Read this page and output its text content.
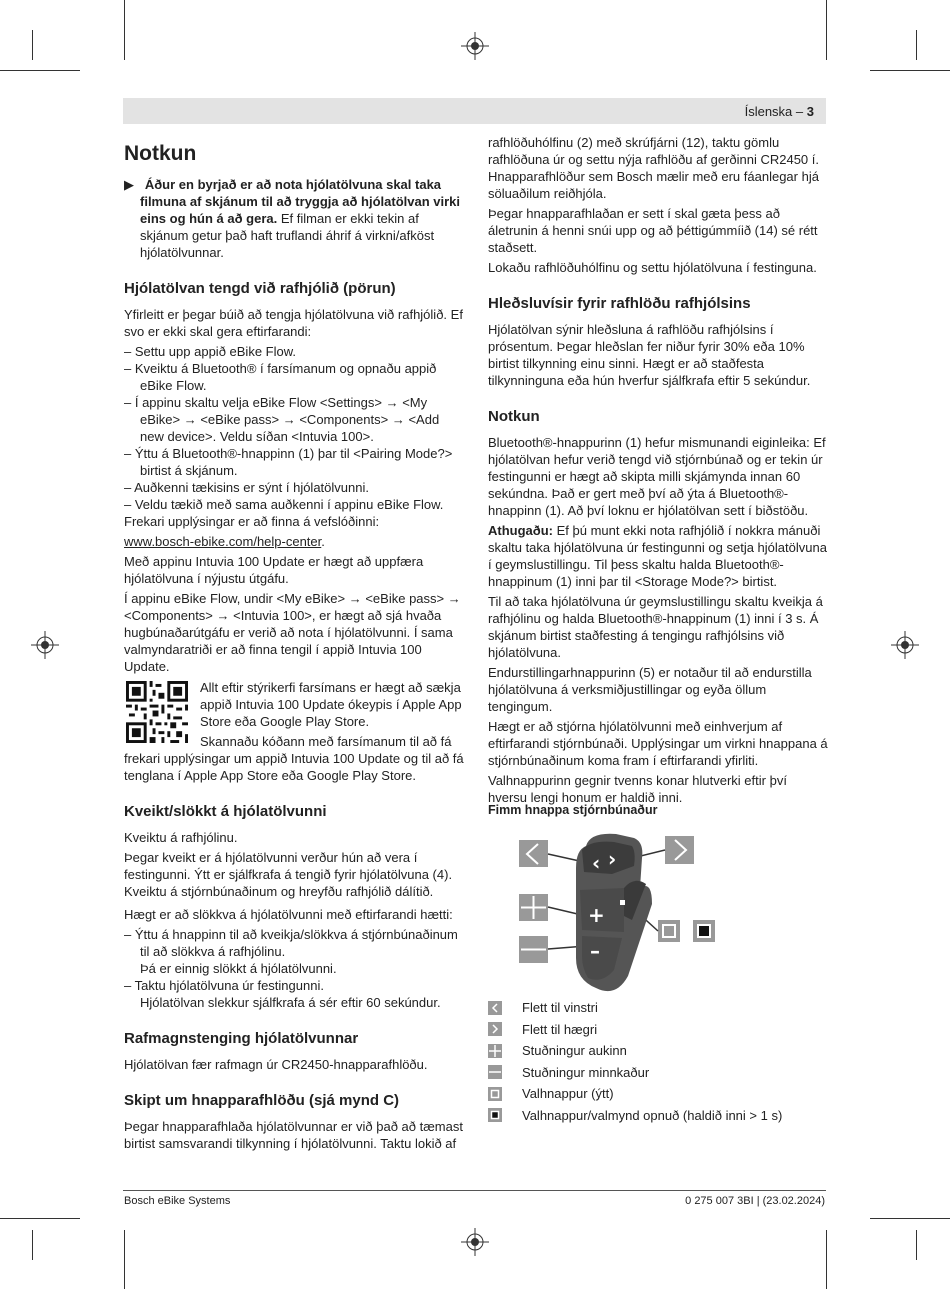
Íslenska – 3
Notkun

▶   Áður en byrjað er að nota hjólatölvuna skal taka filmuna af skjánum til að tryggja að hjólatölvan virki eins og hún á að gera. Ef filman er ekki tekin af skjánum getur það haft truflandi áhrif á virkni/afköst hjólatölvunnar.

Hjólatölvan tengd við rafhjólið (pörun)

Yfirleitt er þegar búið að tengja hjólatölvuna við rafhjólið. Ef svo er ekki skal gera eftirfarandi:

– Settu upp appið eBike Flow.

– Kveiktu á Bluetooth® í farsímanum og opnaðu appið eBike Flow.

– Í appinu skaltu velja eBike Flow <Settings> → <My eBike> → <eBike pass> → <Components> → <Add new device>. Veldu síðan <Intuvia 100>.

– Ýttu á Bluetooth®-hnappinn (1) þar til <Pairing Mode?> birtist á skjánum.

– Auðkenni tækisins er sýnt í hjólatölvunni.

– Veldu tækið með sama auðkenni í appinu eBike Flow.

Frekari upplýsingar er að finna á vefslóðinni:

www.bosch-ebike.com/help-center.

Með appinu Intuvia 100 Update er hægt að uppfæra hjólatölvuna í nýjustu útgáfu.

Í appinu eBike Flow, undir <My eBike> → <eBike pass> → <Components> → <Intuvia 100>, er hægt að sjá hvaða hugbúnaðarútgáfu er verið að nota í hjólatölvunni. Í sama valmyndaratriði er að finna tengil í appið Intuvia 100 Update.

Allt eftir stýrikerfi farsímans er hægt að sækja appið Intuvia 100 Update ókeypis í Apple App Store eða Google Play Store.

Skannaðu kóðann með farsímanum til að fá frekari upplýsingar um appið Intuvia 100 Update og til að fá tenglana í Apple App Store eða Google Play Store.

Kveikt/slökkt á hjólatölvunni

Kveiktu á rafhjólinu.

Þegar kveikt er á hjólatölvunni verður hún að vera í festingunni. Ýtt er sjálfkrafa á tengið fyrir hjólatölvuna (4). Kveiktu á stjórnbúnaðinum og hreyfðu rafhjólið dálítið.

Hægt er að slökkva á hjólatölvunni með eftirfarandi hætti:

– Ýttu á hnappinn til að kveikja/slökkva á stjórnbúnaðinum til að slökkva á rafhjólinu.

Þá er einnig slökkt á hjólatölvunni.

– Taktu hjólatölvuna úr festingunni.

Hjólatölvan slekkur sjálfkrafa á sér eftir 60 sekúndur.

Rafmagnstenging hjólatölvunnar

Hjólatölvan fær rafmagn úr CR2450-hnapparafhlöðu.

Skipt um hnapparafhlöðu (sjá mynd C)

Þegar hnapparafhlaða hjólatölvunnar er við það að tæmast birtist samsvarandi tilkynning í hjólatölvunni. Taktu lokið af

rafhlöðuhólfinu (2) með skrúfjárni (12), taktu gömlu rafhlöðuna úr og settu nýja rafhlöðu af gerðinni CR2450 í. Hnapparafhlöður sem Bosch mælir með eru fáanlegar hjá söluaðilum reiðhjóla.

Þegar hnapparafhlaðan er sett í skal gæta þess að áletrunin á henni snúi upp og að þéttigúmmíið (14) sé rétt staðsett.

Lokaðu rafhlöðuhólfinu og settu hjólatölvuna í festinguna.

Hleðsluvísir fyrir rafhlöðu rafhjólsins

Hjólatölvan sýnir hleðsluna á rafhlöðu rafhjólsins í prósentum. Þegar hleðslan fer niður fyrir 30% eða 10% birtist tilkynning einu sinni. Hægt er að staðfesta tilkynninguna eða hún hverfur sjálfkrafa eftir 5 sekúndur.

Notkun

Bluetooth®-hnappurinn (1) hefur mismunandi eiginleika: Ef hjólatölvan hefur verið tengd við stjórnbúnað og er tekin úr festingunni er hægt að skipta milli skjámynda innan 60 sekúndna. Það er gert með því að ýta á Bluetooth®-hnappinn (1). Að því loknu er hjólatölvan sett í biðstöðu.

Athugaðu: Ef þú munt ekki nota rafhjólið í nokkra mánuði skaltu taka hjólatölvuna úr festingunni og setja hjólatölvuna í geymslustillingu. Til þess skaltu halda Bluetooth®-hnappinum (1) inni þar til <Storage Mode?> birtist.

Til að taka hjólatölvuna úr geymslustillingu skaltu kveikja á rafhjólinu og halda Bluetooth®-hnappinum (1) inni í 3 s. Á skjánum birtist staðfesting á tengingu rafhjólsins við hjólatölvuna.

Endurstillingarhnappurinn (5) er notaður til að endurstilla hjólatölvuna á verksmiðjustillingar og eyða öllum tengingum.

Hægt er að stjórna hjólatölvunni með einhverjum af eftirfarandi stjórnbúnaði. Upplýsingar um virkni hnappana á stjórnbúnaðinum koma fram í eftirfarandi yfirliti.

Valhnappurinn gegnir tvenns konar hlutverki eftir því hversu lengi honum er haldið inni.

Fimm hnappa stjórnbúnaður
‹ ›
+
–
Flett til vinstri
Flett til hægri
Stuðningur aukinn
Stuðningur minnkaður
Valhnappur (ýtt)
Valhnappur/valmynd opnuð (haldið inni > 1 s)
Bosch eBike Systems	0 275 007 3BI | (23.02.2024)
